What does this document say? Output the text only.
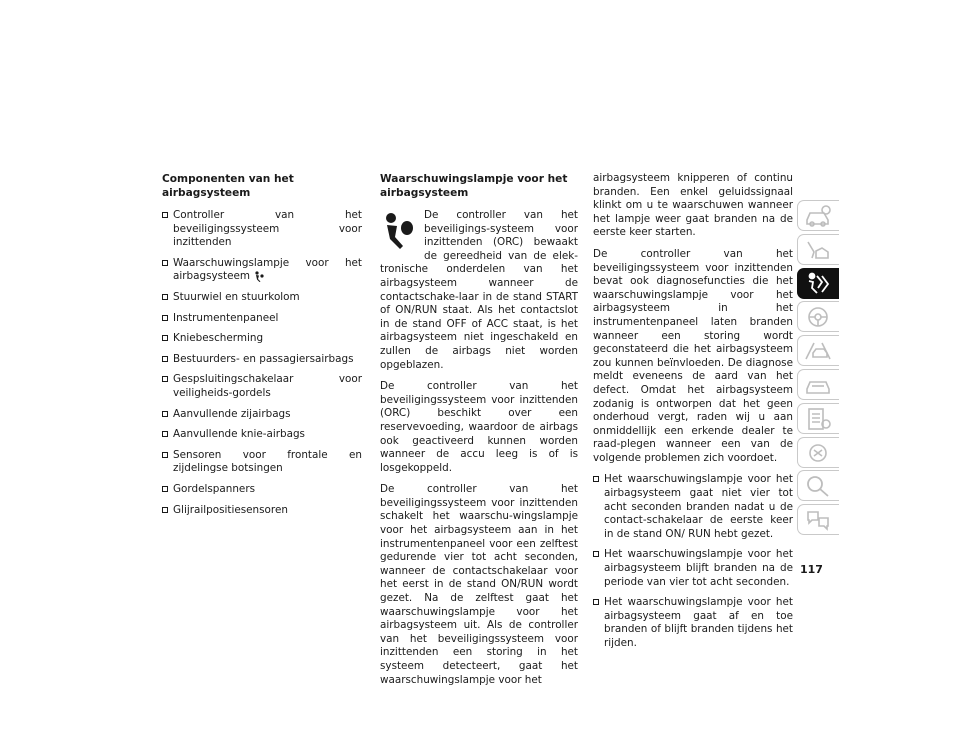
Componenten van het airbagsysteem
Controller van het beveiligingssysteem voor inzittenden
Waarschuwingslampje voor het airbagsysteem
Stuurwiel en stuurkolom
Instrumentenpaneel
Kniebescherming
Bestuurders- en passagiersairbags
Gespsluitingschakelaar voor veiligheids-gordels
Aanvullende zijairbags
Aanvullende knie-airbags
Sensoren voor frontale en zijdelingse botsingen
Gordelspanners
Glijrailpositiesensoren
Waarschuwingslampje voor het airbagsysteem

De controller van het beveiligings-systeem voor inzittenden (ORC) bewaakt de gereedheid van de elek-tronische onderdelen van het airbagsysteem wanneer de contactschake-laar in de stand START of ON/RUN staat. Als het contactslot in de stand OFF of ACC staat, is het airbagsysteem niet ingeschakeld en zullen de airbags niet worden opgeblazen.

De controller van het beveiligingssysteem voor inzittenden (ORC) beschikt over een reservevoeding, waardoor de airbags ook geactiveerd kunnen worden wanneer de accu leeg is of is losgekoppeld.

De controller van het beveiligingssysteem voor inzittenden schakelt het waarschu-wingslampje voor het airbagsysteem aan in het instrumentenpaneel voor een zelftest gedurende vier tot acht seconden, wanneer de contactschakelaar voor het eerst in de stand ON/RUN wordt gezet. Na de zelftest gaat het waarschuwingslampje voor het airbagsysteem uit. Als de controller van het beveiligingssysteem voor inzittenden een storing in het systeem detecteert, gaat het waarschuwingslampje voor het

airbagsysteem knipperen of continu branden. Een enkel geluidssignaal klinkt om u te waarschuwen wanneer het lampje weer gaat branden na de eerste keer starten.

De controller van het beveiligingssysteem voor inzittenden bevat ook diagnosefuncties die het waarschuwingslampje voor het airbagsysteem in het instrumentenpaneel laten branden wanneer een storing wordt geconstateerd die het airbagsysteem zou kunnen beïnvloeden. De diagnose meldt eveneens de aard van het defect. Omdat het airbagsysteem zodanig is ontworpen dat het geen onderhoud vergt, raden wij u aan onmiddellijk een erkende dealer te raad-plegen wanneer een van de volgende problemen zich voordoet.

Het waarschuwingslampje voor het airbagsysteem gaat niet vier tot acht seconden branden nadat u de contact-schakelaar de eerste keer in de stand ON/ RUN hebt gezet.
Het waarschuwingslampje voor het airbagsysteem blijft branden na de periode van vier tot acht seconden.
Het waarschuwingslampje voor het airbagsysteem gaat af en toe branden of blijft branden tijdens het rijden.
117
